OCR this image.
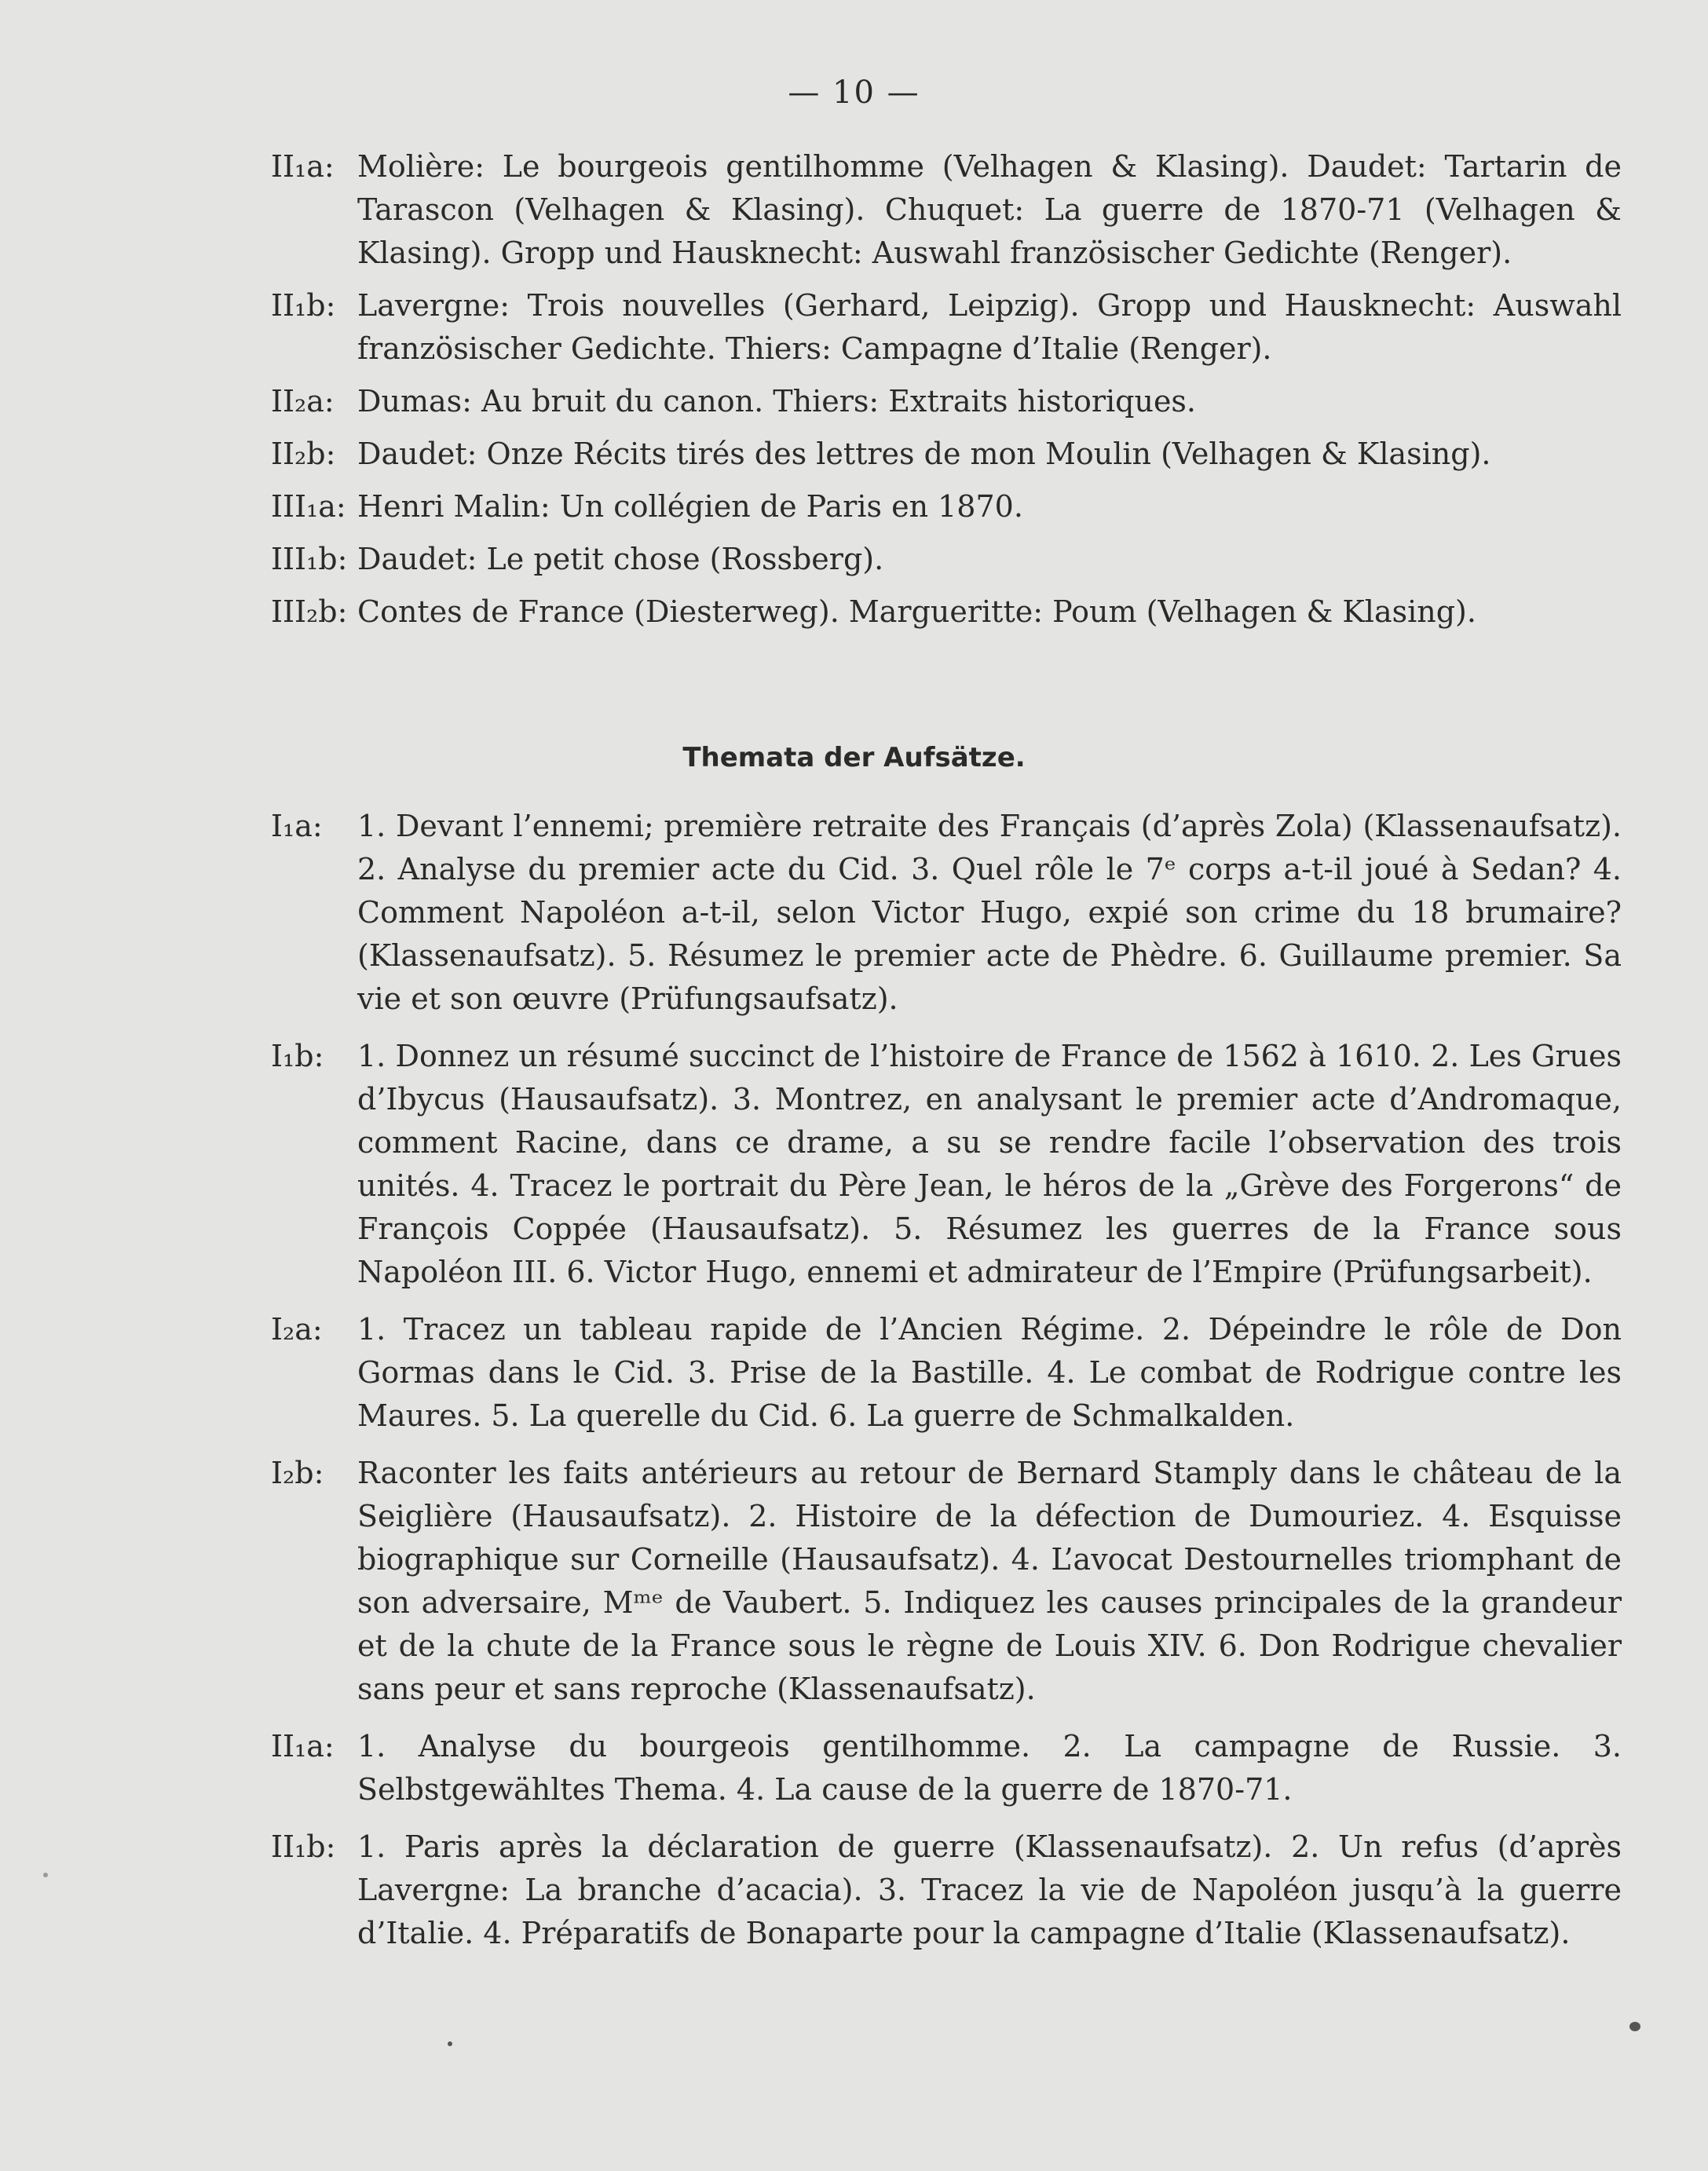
— 10 —
II₁a: Molière: Le bourgeois gentilhomme (Velhagen & Klasing). Daudet: Tartarin de Tarascon (Velhagen & Klasing). Chuquet: La guerre de 1870-71 (Velhagen & Klasing). Gropp und Hausknecht: Auswahl französischer Gedichte (Renger).
II₁b: Lavergne: Trois nouvelles (Gerhard, Leipzig). Gropp und Hausknecht: Auswahl französischer Gedichte. Thiers: Campagne d’Italie (Renger).
II₂a: Dumas: Au bruit du canon. Thiers: Extraits historiques.
II₂b: Daudet: Onze Récits tirés des lettres de mon Moulin (Velhagen & Klasing).
III₁a: Henri Malin: Un collégien de Paris en 1870.
III₁b: Daudet: Le petit chose (Rossberg).
III₂b: Contes de France (Diesterweg). Margueritte: Poum (Velhagen & Klasing).
Themata der Aufsätze.
I₁a:	1. Devant l’ennemi; première retraite des Français (d’après Zola) (Klassenaufsatz). 2. Analyse du premier acte du Cid. 3. Quel rôle le 7ᵉ corps a-t-il joué à Sedan? 4. Comment Napoléon a-t-il, selon Victor Hugo, expié son crime du 18 brumaire? (Klassenaufsatz). 5. Résumez le premier acte de Phèdre. 6. Guillaume premier. Sa vie et son œuvre (Prüfungsaufsatz).
I₁b:	1. Donnez un résumé succinct de l’histoire de France de 1562 à 1610. 2. Les Grues d’Ibycus (Hausaufsatz). 3. Montrez, en analysant le premier acte d’Andromaque, comment Racine, dans ce drame, a su se rendre facile l’observation des trois unités. 4. Tracez le portrait du Père Jean, le héros de la „Grève des Forgerons“ de François Coppée (Hausaufsatz). 5. Résumez les guerres de la France sous Napoléon III. 6. Victor Hugo, ennemi et admirateur de l’Empire (Prüfungsarbeit).
I₂a:	1. Tracez un tableau rapide de l’Ancien Régime. 2. Dépeindre le rôle de Don Gormas dans le Cid. 3. Prise de la Bastille. 4. Le combat de Rodrigue contre les Maures. 5. La querelle du Cid. 6. La guerre de Schmalkalden.
I₂b:	Raconter les faits antérieurs au retour de Bernard Stamply dans le château de la Seiglière (Hausaufsatz). 2. Histoire de la défection de Dumouriez. 4. Esquisse biographique sur Corneille (Hausaufsatz). 4. L’avocat Destournelles triomphant de son adversaire, Mᵐᵉ de Vaubert. 5. Indiquez les causes principales de la grandeur et de la chute de la France sous le règne de Louis XIV. 6. Don Rodrigue chevalier sans peur et sans reproche (Klassenaufsatz).
II₁a: 1. Analyse du bourgeois gentilhomme. 2. La campagne de Russie. 3. Selbstgewähltes Thema. 4. La cause de la guerre de 1870-71.
II₁b: 1. Paris après la déclaration de guerre (Klassenaufsatz). 2. Un refus (d’après Lavergne: La branche d’acacia). 3. Tracez la vie de Napoléon jusqu’à la guerre d’Italie. 4. Préparatifs de Bonaparte pour la campagne d’Italie (Klassenaufsatz).
